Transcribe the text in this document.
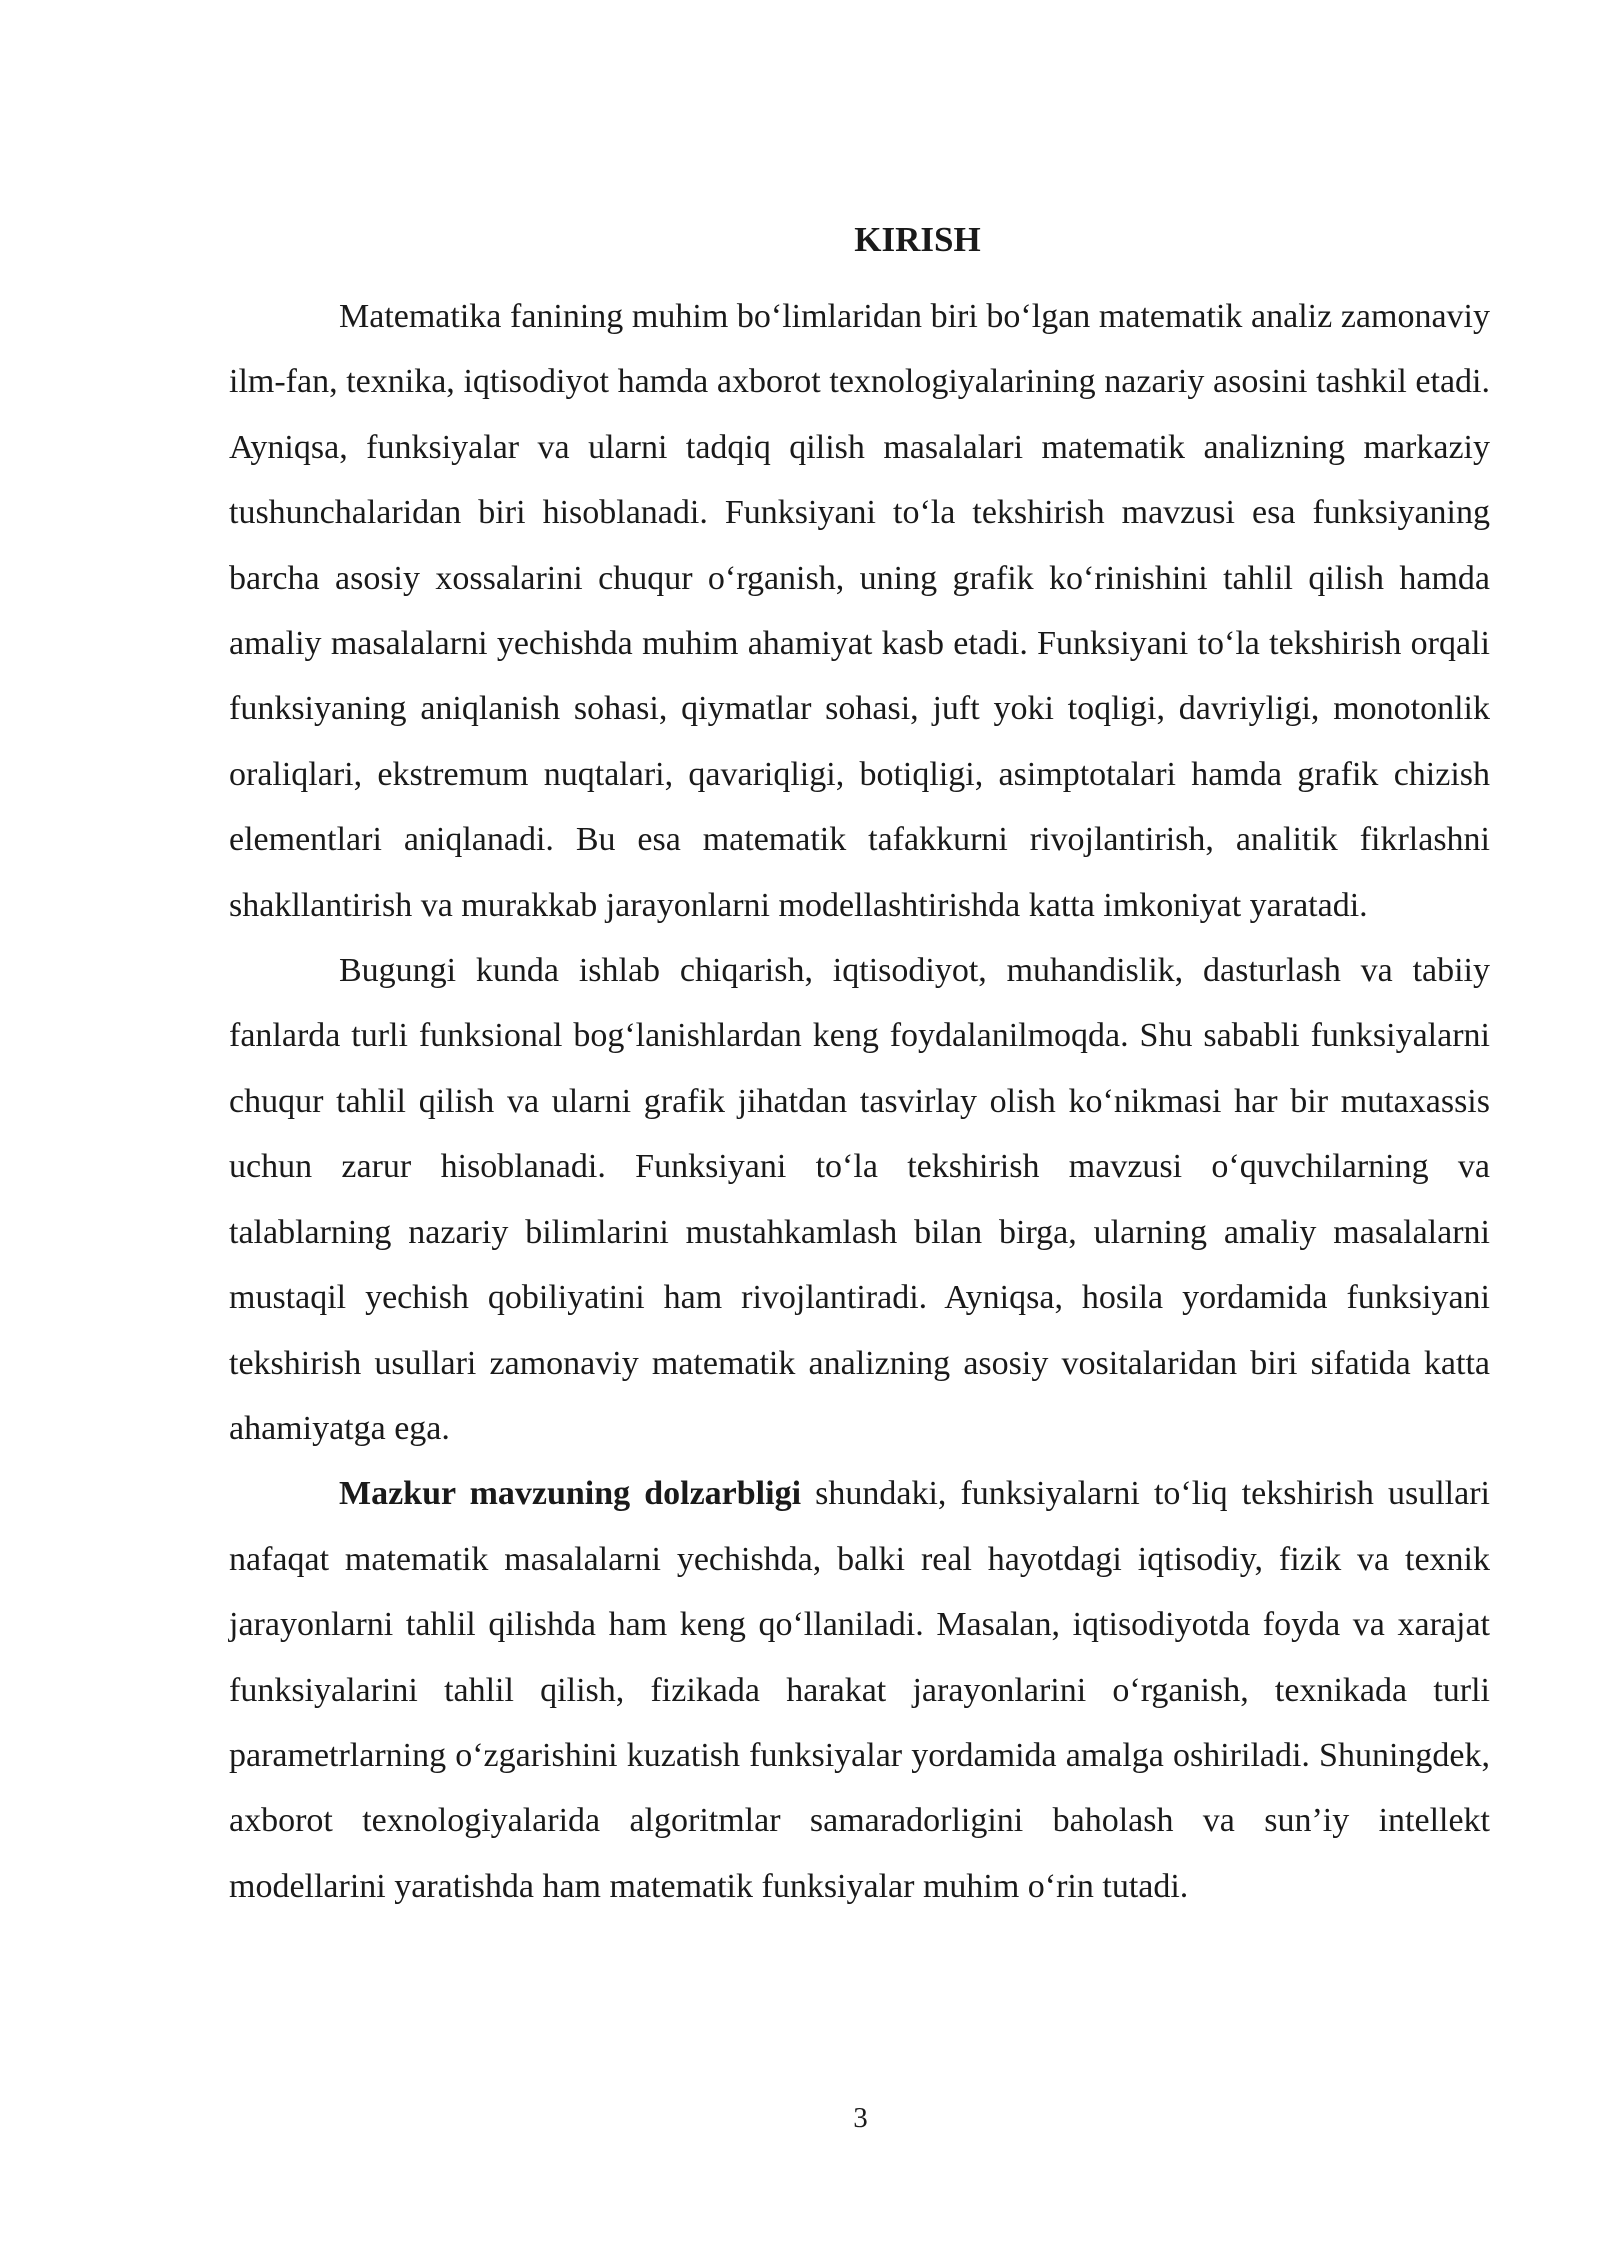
KIRISH

Matematika fanining muhim bo‘limlaridan biri bo‘lgan matematik analiz zamonaviy ilm-fan, texnika, iqtisodiyot hamda axborot texnologiyalarining nazariy asosini tashkil etadi. Ayniqsa, funksiyalar va ularni tadqiq qilish masalalari matematik analizning markaziy tushunchalaridan biri hisoblanadi. Funksiyani to‘la tekshirish mavzusi esa funksiyaning barcha asosiy xossalarini chuqur o‘rganish, uning grafik ko‘rinishini tahlil qilish hamda amaliy masalalarni yechishda muhim ahamiyat kasb etadi. Funksiyani to‘la tekshirish orqali funksiyaning aniqlanish sohasi, qiymatlar sohasi, juft yoki toqligi, davriyligi, monotonlik oraliqlari, ekstremum nuqtalari, qavariqligi, botiqligi, asimptotalari hamda grafik chizish elementlari aniqlanadi. Bu esa matematik tafakkurni rivojlantirish, analitik fikrlashni shakllantirish va murakkab jarayonlarni modellashtirishda katta imkoniyat yaratadi.

Bugungi kunda ishlab chiqarish, iqtisodiyot, muhandislik, dasturlash va tabiiy fanlarda turli funksional bog‘lanishlardan keng foydalanilmoqda. Shu sababli funksiyalarni chuqur tahlil qilish va ularni grafik jihatdan tasvirlay olish ko‘nikmasi har bir mutaxassis uchun zarur hisoblanadi. Funksiyani to‘la tekshirish mavzusi o‘quvchilarning va talablarning nazariy bilimlarini mustahkamlash bilan birga, ularning amaliy masalalarni mustaqil yechish qobiliyatini ham rivojlantiradi. Ayniqsa, hosila yordamida funksiyani tekshirish usullari zamonaviy matematik analizning asosiy vositalaridan biri sifatida katta ahamiyatga ega.

Mazkur mavzuning dolzarbligi shundaki, funksiyalarni to‘liq tekshirish usullari nafaqat matematik masalalarni yechishda, balki real hayotdagi iqtisodiy, fizik va texnik jarayonlarni tahlil qilishda ham keng qo‘llaniladi. Masalan, iqtisodiyotda foyda va xarajat funksiyalarini tahlil qilish, fizikada harakat jarayonlarini o‘rganish, texnikada turli parametrlarning o‘zgarishini kuzatish funksiyalar yordamida amalga oshiriladi. Shuningdek, axborot texnologiyalarida algoritmlar samaradorligini baholash va sun’iy intellekt modellarini yaratishda ham matematik funksiyalar muhim o‘rin tutadi.

3
